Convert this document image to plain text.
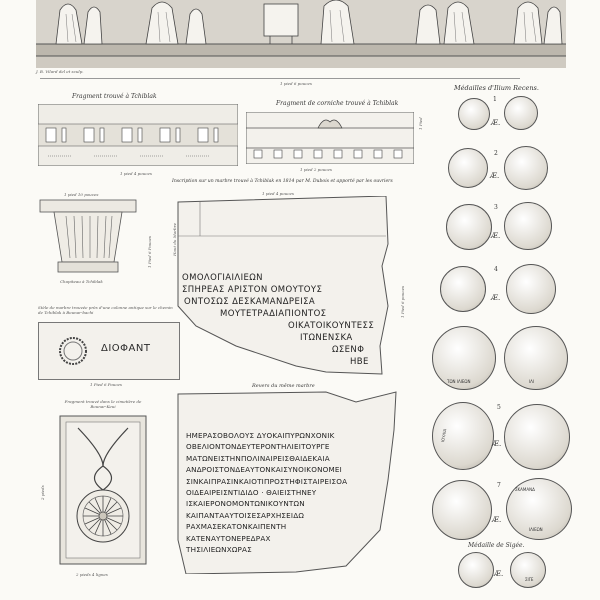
J. B. Vilard del et sculp.
1 pied 6 pouces
Fragment trouvé à Tchiblak
1 pied 4 pouces
Fragment de corniche trouvé à Tchiblak
1 pied 2 pouces
1 Pied
1 pied 10 pouces
Chapiteau à Tchiblak
1 Pied 6 Pouces
Inscription sur un marbre trouvé à Tchiblak en 1814 par M. Dubois et apporté par les ouvriers
1 pied 4 pouces
ΟΜΟΛΟΓΙΑΙΛΙΕΩΝ
ΣΠΗΡΕΑΣ ΑΡΙΣΤΟΝ ΟΜΟΥΤΟΥΣ
ΟΝΤΟΣΩΣ ΔΕΣΚΑΜΑΝΔΡΕΙΣΑ
ΜΟΥΤΕΤΡΑΔΙΑΠΙΟΝΤΟΣ
ΟΙΚΑΤΟΙΚΟΥΝΤΕΣΣ
ΙΤΩΝΕΝΣΚΑ
ΩΣΕΝΦ
ΗΒΕ
Haut du Marbre
1 Pied 6 pouces
Stèle de marbre trouvée près d'une colonne antique sur le chemin de Tchiblak à Bounar-bachi
ΔΙΟΦΑΝΤ
1 Pied 6 Pouces	Revers du même marbre
ΗΜΕΡΑΣΟΒΟΛΟΥΣ ΔΥΟΚΑΙΠΥΡΩΝΧΟΝΙΚ
ΟΒΕΛΙΟΝΤΟΝΔΕΥΤΕΡΟΝΤΗΛΙΕΙΤΟΥΡΓΕ
ΜΑΤΩΝΕΙΣΤΗΝΠΟΛΙΝΑΙΡΕΙΣΘΑΙΔΕΚΑΙΑ
ΑΝΔΡΟΙΣΤΟΝΔΕΑΥΤΟΝΚΑΙΣΥΝΟΙΚΟΝΟΜΕΙ
ΣΙΝΚΑΙΠΡΑΣΙΝΚΑΙΟΤΙΠΡΟΣΤΗΦΙΣΤΑΙΡΕΙΣΟΑ
ΟΙΔΕΑΙΡΕΙΣΝΤΙΔΙΔΟ · ΘΑΙΕΙΣΤΗΝΕΥ
ΙΣΚΑΙΕΡΟΝΟΜΟΝΤΩΝΙΚΟΥΝΤΩΝ
ΚΑΙΠΑΝΤΑΑΥΤΟΙΣΕΣΑΡΧΗΣΕΙΔΩ
ΡΑΧΜΑΣΕΚΑΤΟΝΚΑΙΠΕΝΤΗ
ΚΑΤΕΝΑΥΤΟΝΕΡΕΔΡΑΧ
ΤΗΣΙΛΙΕΩΝΧΩΡΑΣ
Fragment trouvé dans le cimetière de Bounar-Keui
2 pieds
2 pieds 4 lignes
Médailles d'Ilium Recens.
1
Æ.
2
Æ.
3
Æ.
4
Æ.
ΤΩΝ ΙΛΙΕΩΝ	ΙΛΙ
ΙΟΥΛΙΑ
5
Æ.
ΣΚΑΜΑΝΔ
ΙΛΙΕΩΝ
7
Æ.
Médaille de Sigée.
ΣΙΓΕ
Æ.
